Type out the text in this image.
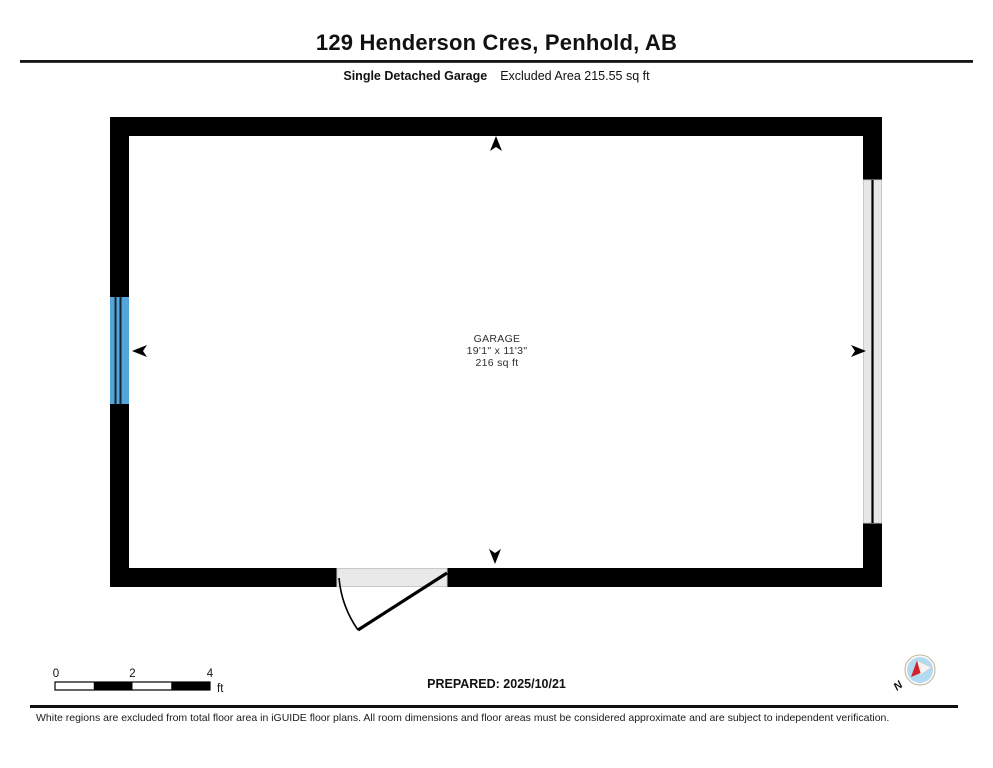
129 Henderson Cres, Penhold, AB
Single Detached Garage Excluded Area 215.55 sq ft
GARAGE
19'1" x 11'3"
216 sq ft
0	2	4
ft	N
PREPARED: 2025/10/21
White regions are excluded from total floor area in iGUIDE floor plans. All room dimensions and floor areas must be considered approximate and are subject to independent verification.
